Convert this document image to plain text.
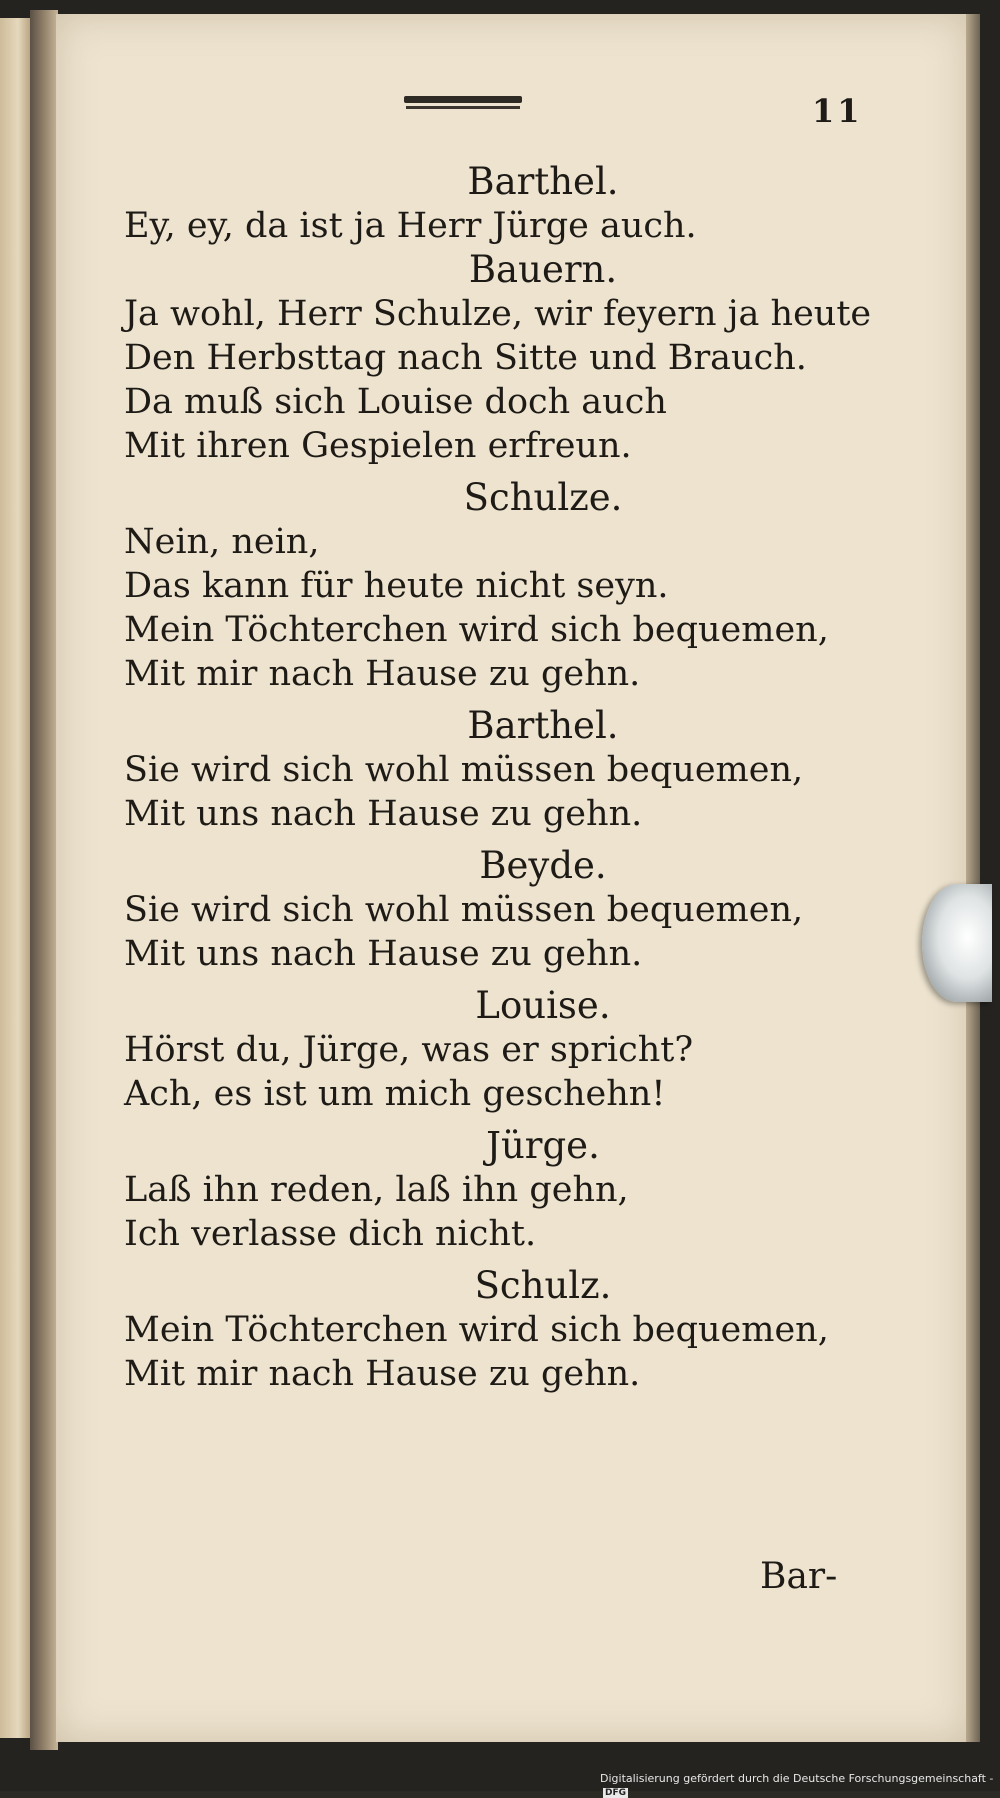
11
Barthel.
Ey, ey, da ist ja Herr Jürge auch.
Bauern.
Ja wohl, Herr Schulze, wir feyern ja heute
Den Herbsttag nach Sitte und Brauch.
Da muß sich Louise doch auch
Mit ihren Gespielen erfreun.
Schulze.
Nein, nein,
Das kann für heute nicht seyn.
Mein Töchterchen wird sich bequemen,
Mit mir nach Hause zu gehn.
Barthel.
Sie wird sich wohl müssen bequemen,
Mit uns nach Hause zu gehn.
Beyde.
Sie wird sich wohl müssen bequemen,
Mit uns nach Hause zu gehn.
Louise.
Hörst du, Jürge, was er spricht?
Ach, es ist um mich geschehn!
Jürge.
Laß ihn reden, laß ihn gehn,
Ich verlasse dich nicht.
Schulz.
Mein Töchterchen wird sich bequemen,
Mit mir nach Hause zu gehn.
Bar-
Digitalisierung gefördert durch die Deutsche Forschungsgemeinschaft -DFG
